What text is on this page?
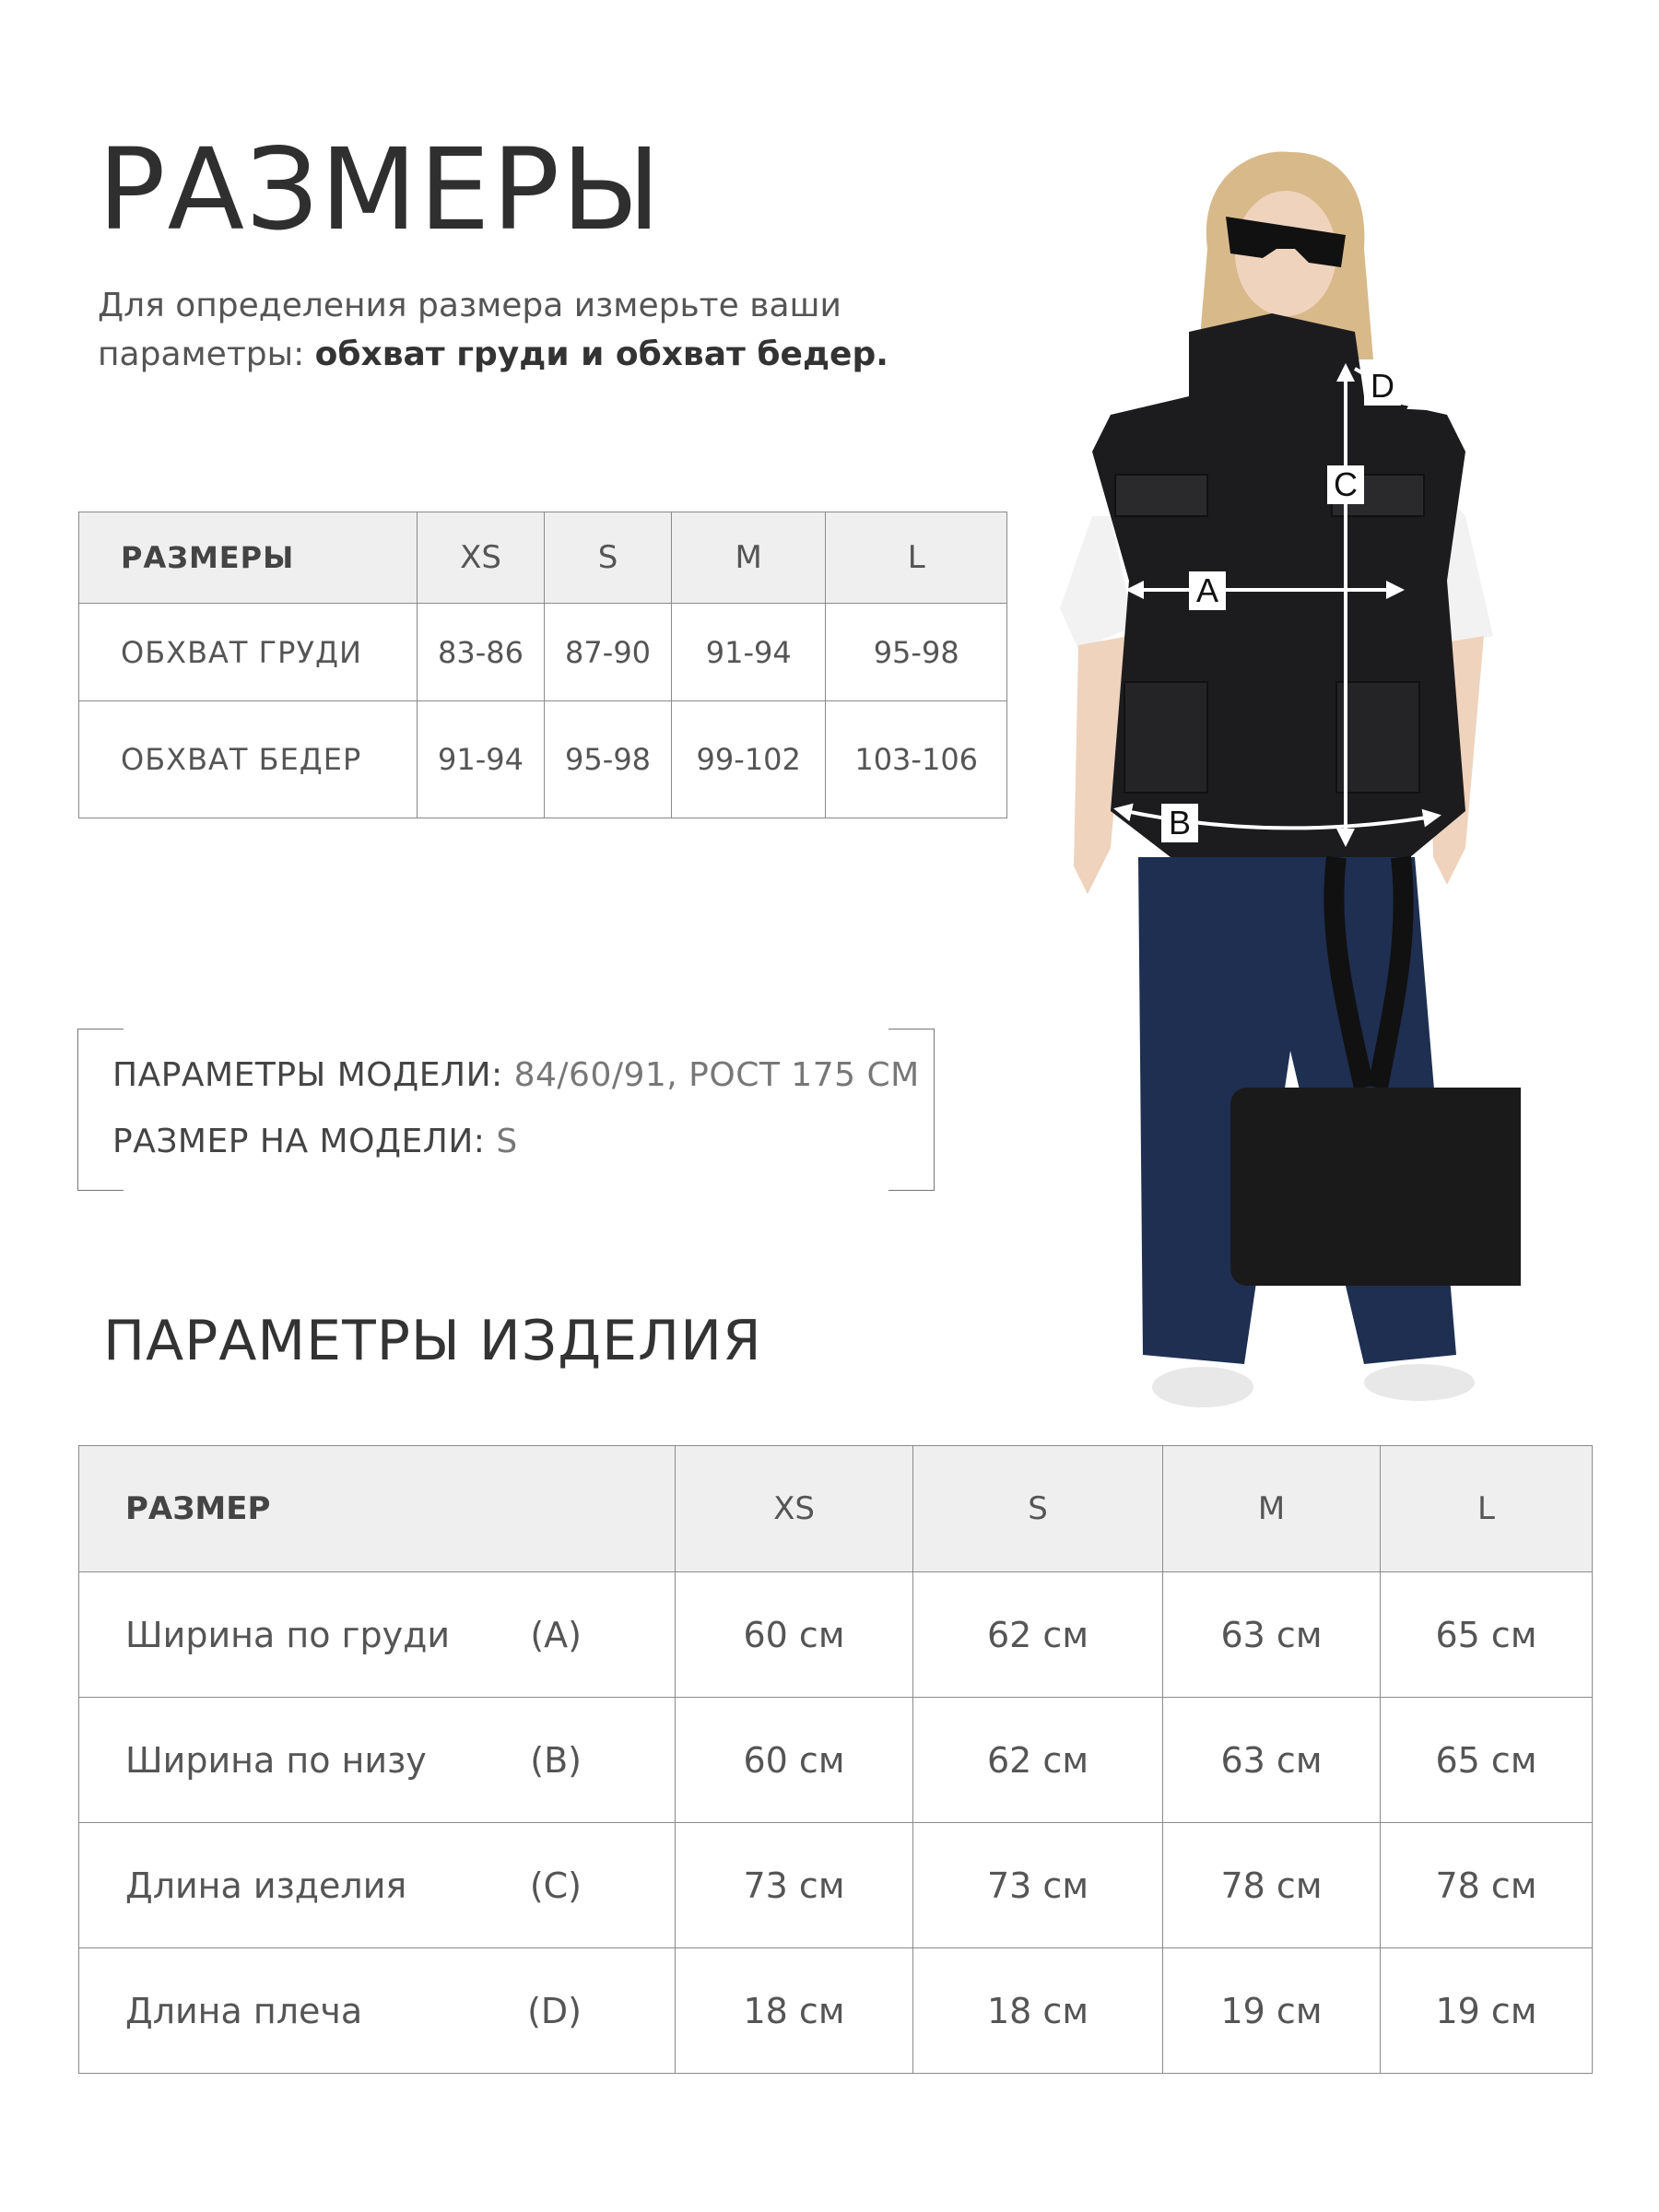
РАЗМЕРЫ
Для определения размера измерьте ваши
параметры: обхват груди и обхват бедер.
РАЗМЕРЫ	XS	S	M	L
ОБХВАТ ГРУДИ	83-86	87-90	91-94	95-98
ОБХВАТ БЕДЕР	91-94	95-98	99-102	103-106
ПАРАМЕТРЫ МОДЕЛИ: 84/60/91, РОСТ 175 СМ
РАЗМЕР НА МОДЕЛИ: S
ПАРАМЕТРЫ ИЗДЕЛИЯ
РАЗМЕР	XS	S	M	L
Ширина по груди (A)	60 см	62 см	63 см	65 см
Ширина по низу (B)	60 см	62 см	63 см	65 см
Длина изделия (C)	73 см	73 см	78 см	78 см
Длина плеча (D)	18 см	18 см	19 см	19 см
C
A
B
D
